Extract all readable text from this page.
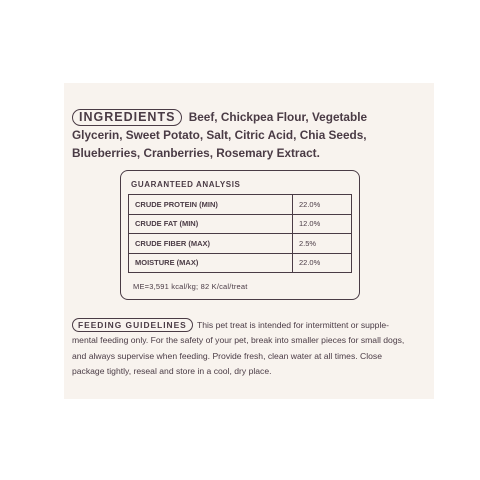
INGREDIENTS Beef, Chickpea Flour, Vegetable Glycerin, Sweet Potato, Salt, Citric Acid, Chia Seeds, Blueberries, Cranberries, Rosemary Extract.
GUARANTEED ANALYSIS
CRUDE PROTEIN (MIN)	22.0%
CRUDE FAT (MIN)	12.0%
CRUDE FIBER (MAX)	2.5%
MOISTURE (MAX)	22.0%
ME=3,591 kcal/kg; 82 K/cal/treat
FEEDING GUIDELINES This pet treat is intended for intermittent or supple-mental feeding only. For the safety of your pet, break into smaller pieces for small dogs, and always supervise when feeding. Provide fresh, clean water at all times. Close package tightly, reseal and store in a cool, dry place.
